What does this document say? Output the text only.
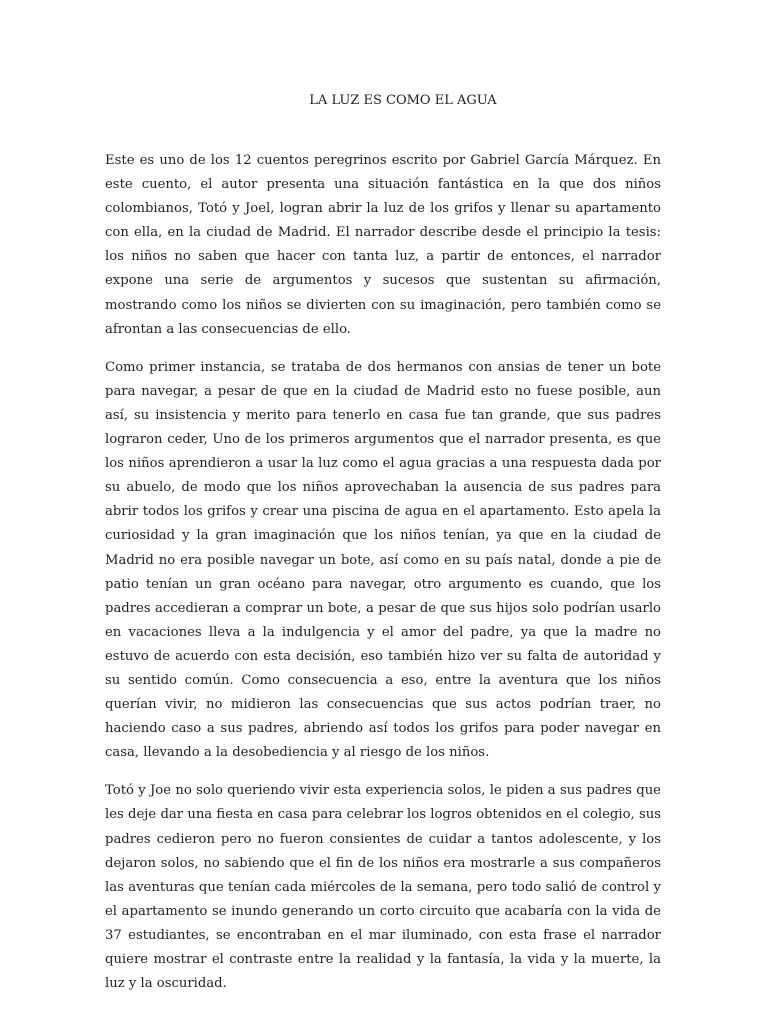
LA LUZ ES COMO EL AGUA

Este es uno de los 12 cuentos peregrinos escrito por Gabriel García Márquez. En este cuento, el autor presenta una situación fantástica en la que dos niños colombianos, Totó y Joel, logran abrir la luz de los grifos y llenar su apartamento con ella, en la ciudad de Madrid. El narrador describe desde el principio la tesis: los niños no saben que hacer con tanta luz, a partir de entonces, el narrador expone una serie de argumentos y sucesos que sustentan su afirmación, mostrando como los niños se divierten con su imaginación, pero también como se afrontan a las consecuencias de ello.

Como primer instancia, se trataba de dos hermanos con ansias de tener un bote para navegar, a pesar de que en la ciudad de Madrid esto no fuese posible, aun así, su insistencia y merito para tenerlo en casa fue tan grande, que sus padres lograron ceder, Uno de los primeros argumentos que el narrador presenta, es que los niños aprendieron a usar la luz como el agua gracias a una respuesta dada por su abuelo, de modo que los niños aprovechaban la ausencia de sus padres para abrir todos los grifos y crear una piscina de agua en el apartamento. Esto apela la curiosidad y la gran imaginación que los niños tenían, ya que en la ciudad de Madrid no era posible navegar un bote, así como en su país natal, donde a pie de patio tenían un gran océano para navegar, otro argumento es cuando, que los padres accedieran a comprar un bote, a pesar de que sus hijos solo podrían usarlo en vacaciones lleva a la indulgencia y el amor del padre, ya que la madre no estuvo de acuerdo con esta decisión, eso también hizo ver su falta de autoridad y su sentido común. Como consecuencia a eso, entre la aventura que los niños querían vivir, no midieron las consecuencias que sus actos podrían traer, no haciendo caso a sus padres, abriendo así todos los grifos para poder navegar en casa, llevando a la desobediencia y al riesgo de los niños.

Totó y Joe no solo queriendo vivir esta experiencia solos, le piden a sus padres que les deje dar una fiesta en casa para celebrar los logros obtenidos en el colegio, sus padres cedieron pero no fueron consientes de cuidar a tantos adolescente, y los dejaron solos, no sabiendo que el fin de los niños era mostrarle a sus compañeros las aventuras que tenían cada miércoles de la semana, pero todo salió de control y el apartamento se inundo generando un corto circuito que acabaría con la vida de 37 estudiantes, se encontraban en el mar iluminado, con esta frase el narrador quiere mostrar el contraste entre la realidad y la fantasía, la vida y la muerte, la luz y la oscuridad.
